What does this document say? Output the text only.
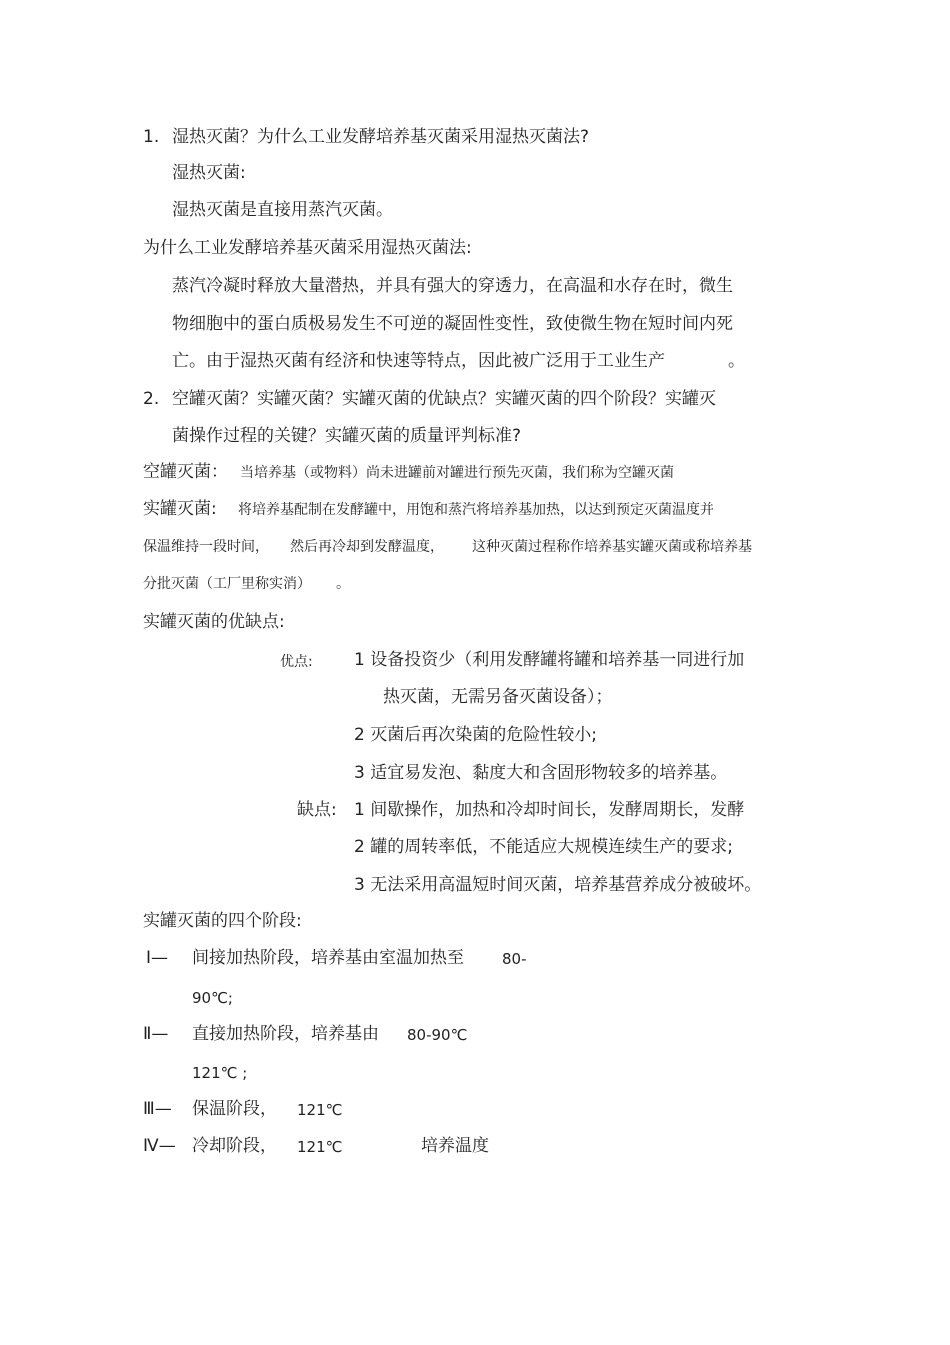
1. 湿热灭菌？为什么工业发酵培养基灭菌采用湿热灭菌法?
湿热灭菌:
湿热灭菌是直接用蒸汽灭菌。
为什么工业发酵培养基灭菌采用湿热灭菌法:
蒸汽冷凝时释放大量潜热，并具有强大的穿透力，在高温和水存在时，微生
物细胞中的蛋白质极易发生不可逆的凝固性变性，致使微生物在短时间内死
亡。由于湿热灭菌有经济和快速等特点，因此被广泛用于工业生产	。
2. 空罐灭菌？实罐灭菌？实罐灭菌的优缺点？实罐灭菌的四个阶段？实罐灭
菌操作过程的关键？实罐灭菌的质量评判标准?
空罐灭菌： 当培养基（或物料）尚未进罐前对罐进行预先灭菌，我们称为空罐灭菌
实罐灭菌: 将培养基配制在发酵罐中，用饱和蒸汽将培养基加热，以达到预定灭菌温度并
保温维持一段时间， 然后再冷却到发酵温度， 这种灭菌过程称作培养基实罐灭菌或称培养基
分批灭菌（工厂里称实消） 。
实罐灭菌的优缺点:
优点: 1 设备投资少（利用发酵罐将罐和培养基一同进行加
热灭菌，无需另备灭菌设备）；
2 灭菌后再次染菌的危险性较小;
3 适宜易发泡、黏度大和含固形物较多的培养基。
缺点: 1 间歇操作，加热和冷却时间长，发酵周期长，发酵
2 罐的周转率低，不能适应大规模连续生产的要求;
3 无法采用高温短时间灭菌，培养基营养成分被破坏。
实罐灭菌的四个阶段:
Ⅰ— 间接加热阶段，培养基由室温加热至	80-
90℃;
Ⅱ— 直接加热阶段，培养基由 80-90℃
121℃ ;
Ⅲ— 保温阶段， 121℃
Ⅳ— 冷却阶段， 121℃	培养温度
